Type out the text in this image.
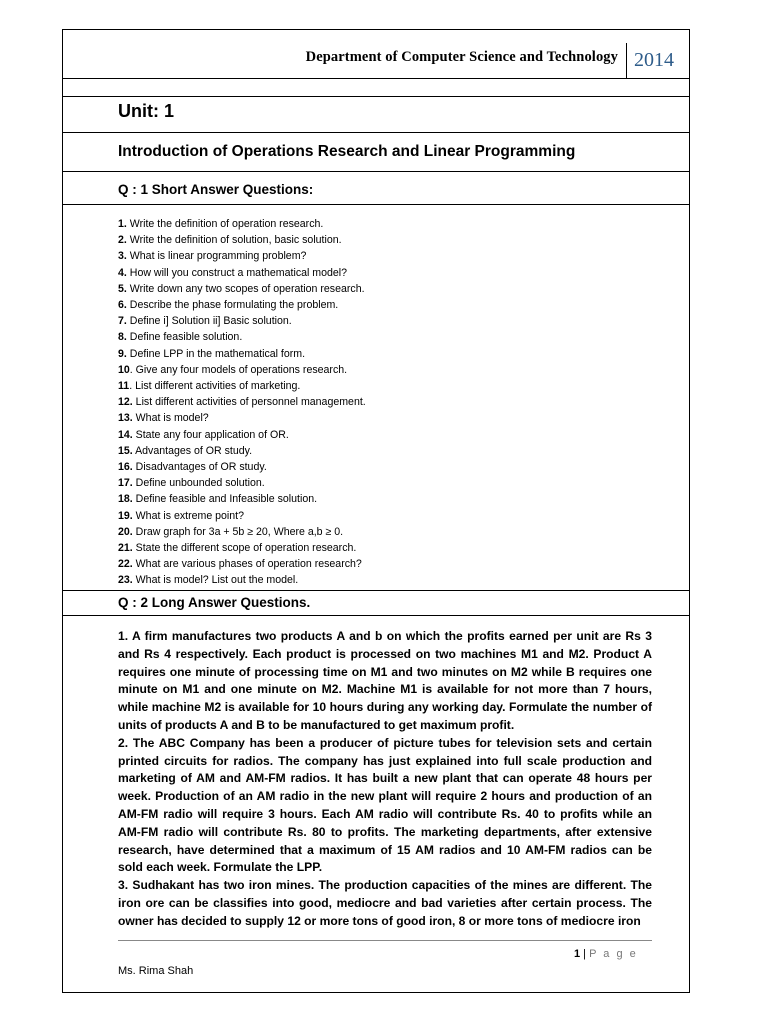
Department of Computer Science and Technology 2014
Unit: 1
Introduction of Operations Research and Linear Programming
Q : 1 Short Answer Questions:
1. Write the definition of operation research.
2. Write the definition of solution, basic solution.
3. What is linear programming problem?
4. How will you construct a mathematical model?
5. Write down any two scopes of operation research.
6. Describe the phase formulating the problem.
7. Define i] Solution ii] Basic solution.
8. Define feasible solution.
9. Define LPP in the mathematical form.
10. Give any four models of operations research.
11. List different activities of marketing.
12. List different activities of personnel management.
13. What is model?
14. State any four application of OR.
15. Advantages of OR study.
16. Disadvantages of OR study.
17. Define unbounded solution.
18. Define feasible and Infeasible solution.
19. What is extreme point?
20. Draw graph for 3a + 5b ≥ 20, Where a,b ≥ 0.
21. State the different scope of operation research.
22. What are various phases of operation research?
23. What is model? List out the model.
Q : 2 Long Answer Questions.
1. A firm manufactures two products A and b on which the profits earned per unit are Rs 3 and Rs 4 respectively. Each product is processed on two machines M1 and M2. Product A requires one minute of processing time on M1 and two minutes on M2 while B requires one minute on M1 and one minute on M2. Machine M1 is available for not more than 7 hours, while machine M2 is available for 10 hours during any working day. Formulate the number of units of products A and B to be manufactured to get maximum profit.
2. The ABC Company has been a producer of picture tubes for television sets and certain printed circuits for radios. The company has just explained into full scale production and marketing of AM and AM-FM radios. It has built a new plant that can operate 48 hours per week. Production of an AM radio in the new plant will require 2 hours and production of an AM-FM radio will require 3 hours. Each AM radio will contribute Rs. 40 to profits while an AM-FM radio will contribute Rs. 80 to profits. The marketing departments, after extensive research, have determined that a maximum of 15 AM radios and 10 AM-FM radios can be sold each week. Formulate the LPP.
3. Sudhakant has two iron mines. The production capacities of the mines are different. The iron ore can be classifies into good, mediocre and bad varieties after certain process. The owner has decided to supply 12 or more tons of good iron, 8 or more tons of mediocre iron
1 | P a g e
Ms. Rima Shah
